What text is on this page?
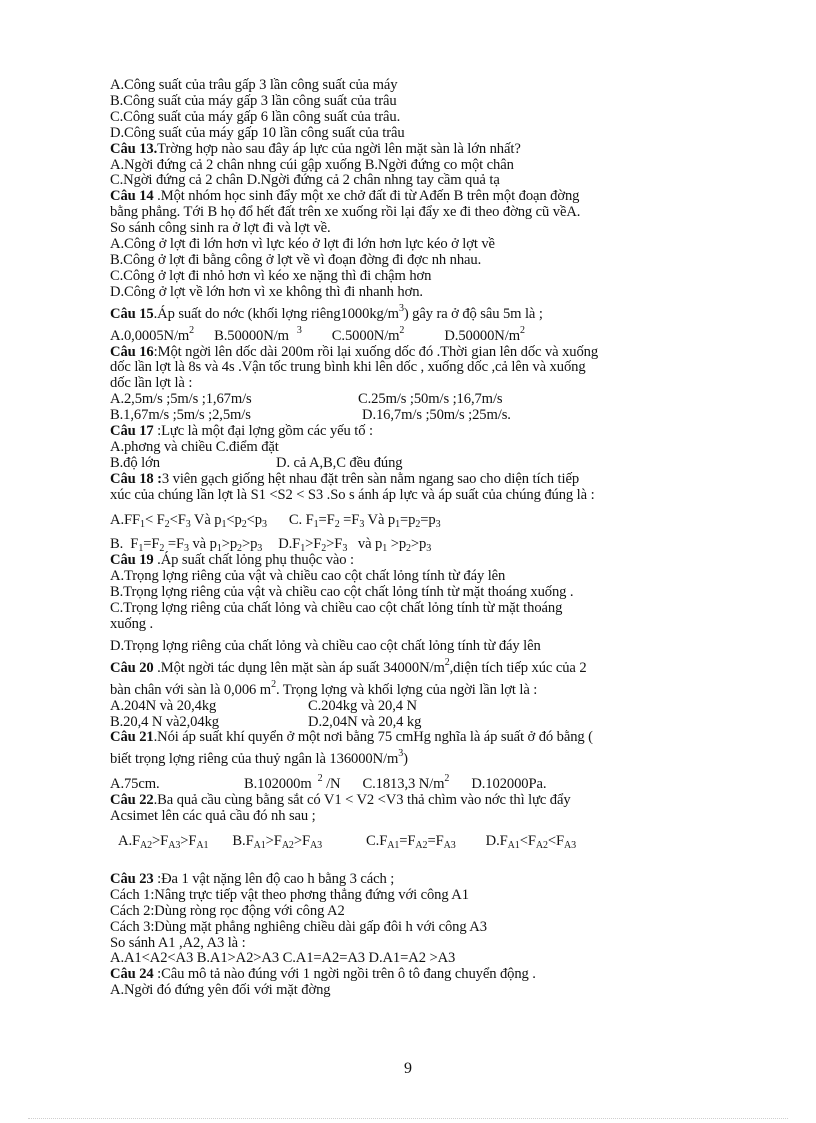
A.Công suất của trâu gấp 3 lần công suất của máy
B.Công suất của máy gấp 3 lần công suất của trâu
C.Công suất của máy gấp 6 lần công suất của trâu.
D.Công suất của máy gấp 10 lần công suất của trâu
Câu 13.Trờng hợp nào sau đây áp lực của ngời lên mặt sàn là lớn nhất?
A.Ngời đứng cả 2 chân nhng cúi gập xuống B.Ngời đứng co một chân
C.Ngời đứng cả 2 chân D.Ngời đứng cả 2 chân nhng tay cầm quả tạ
Câu 14 .Một nhóm học sinh đẩy một xe chở đất đi từ Ađến B trên một đoạn đờng
bằng phẳng. Tới B họ đổ hết đất trên xe xuống rồi lại đẩy xe đi theo đờng cũ vềA.
So sánh công sinh ra ở lợt đi và lợt về.
A.Công ở lợt đi lớn hơn vì lực kéo ở lợt đi lớn hơn lực kéo ở lợt về
B.Công ở lợt đi bằng công ở lợt về vì đoạn đờng đi đợc nh nhau.
C.Công ở lợt đi nhỏ hơn vì kéo xe nặng thì đi chậm hơn
D.Công ở lợt về lớn hơn vì xe không thì đi nhanh hơn.
Câu 15.Áp suất do nớc (khối lợng $riêng1000kg/m^3$) gây ra ở độ sâu 5m là ;
$A.0,0005N/m^2$ B.50000N/m $^3$ $C.5000N/m^2$	$D.50000N/m^2$
Câu 16:Một ngời lên dốc dài 200m rồi lại xuống dốc đó .Thời gian lên dốc và xuống
dốc lần lợt là 8s và 4s .Vận tốc trung bình khi lên dốc , xuống dốc ,cả lên và xuống
dốc lần lợt là :
A.2,5m/s ;5m/s ;1,67m/s	C.25m/s ;50m/s ;16,7m/s
B.1,67m/s ;5m/s ;2,5m/s	D.16,7m/s ;50m/s ;25m/s.
Câu 17 :Lực là một đại lợng gồm các yếu tố :
A.phơng và chiều C.điểm đặt
B.độ lớn	D. cả A,B,C đều đúng
Câu 18 :3 viên gạch giống hệt nhau đặt trên sàn nằm ngang sao cho diện tích tiếp
xúc của chúng lần lợt là S1 <S2 < S3 .So s ánh áp lực và áp suất của chúng đúng là :
$A.FF_1< F_2<F_3$ Và $p_1<p_2<p_3$ C. $F_1=F_2 =F_3$ Và $p_1=p_2=p_3$
B. $F_1=F_2 =F_3$ và $p_1>p_2>p_3$ $D.F_1>F_2>F_3$ và $p_1 >p_2>p_3$
Câu 19 .Áp suất chất lỏng phụ thuộc vào :
A.Trọng lợng riêng của vật và chiều cao cột chất lỏng tính từ đáy lên
B.Trọng lợng riêng của vật và chiều cao cột chất lỏng tính từ mặt thoáng xuống .
C.Trọng lợng riêng của chất lỏng và chiều cao cột chất lỏng tính từ mặt thoáng
xuống .
D.Trọng lợng riêng của chất lỏng và chiều cao cột chất lỏng tính từ đáy lên
Câu 20 .Một ngời tác dụng lên mặt sàn áp suất $34000N/m^2,diện$ tích tiếp xúc của 2
bàn chân với sàn là 0,006 $m^2$. Trọng lợng và khối lợng của ngời lần lợt là :
A.204N và 20,4kg	C.204kg và 20,4 N
B.20,4 N và2,04kg	D.2,04N và 20,4 kg
Câu 21.Nói áp suất khí quyển ở một nơi bằng 75 cmHg nghĩa là áp suất ở đó bằng (
biết trọng lợng riêng của thuỷ ngân là $136000N/m^3$)
A.75cm.	B.102000m $^2$ /N C.1813,3 $N/m^2$ D.102000Pa.
Câu 22.Ba quả cầu cùng bằng sắt có V1 < V2 <V3 thả chìm vào nớc thì lực đẩy
Acsimet lên các quả cầu đó nh sau ;
$A.F_{A2}>F_{A3}>F_{A1}$ $B.F_{A1}>F_{A2}>F_{A3}$	$C.F_{A1}=F_{A2}=F_{A3}$ $D.F_{A1}<F_{A2}<F_{A3}$
Câu 23 :Đa 1 vật nặng lên độ cao h bằng 3 cách ;
Cách 1:Nâng trực tiếp vật theo phơng thẳng đứng với công A1
Cách 2:Dùng ròng rọc động với công A2
Cách 3:Dùng mặt phẳng nghiêng chiều dài gấp đôi h với công A3
So sánh A1 ,A2, A3 là :
A.A1<A2<A3 B.A1>A2>A3 C.A1=A2=A3 D.A1=A2 >A3
Câu 24 :Câu mô tả nào đúng với 1 ngời ngồi trên ô tô đang chuyển động .
A.Ngời đó đứng yên đối với mặt đờng
9
